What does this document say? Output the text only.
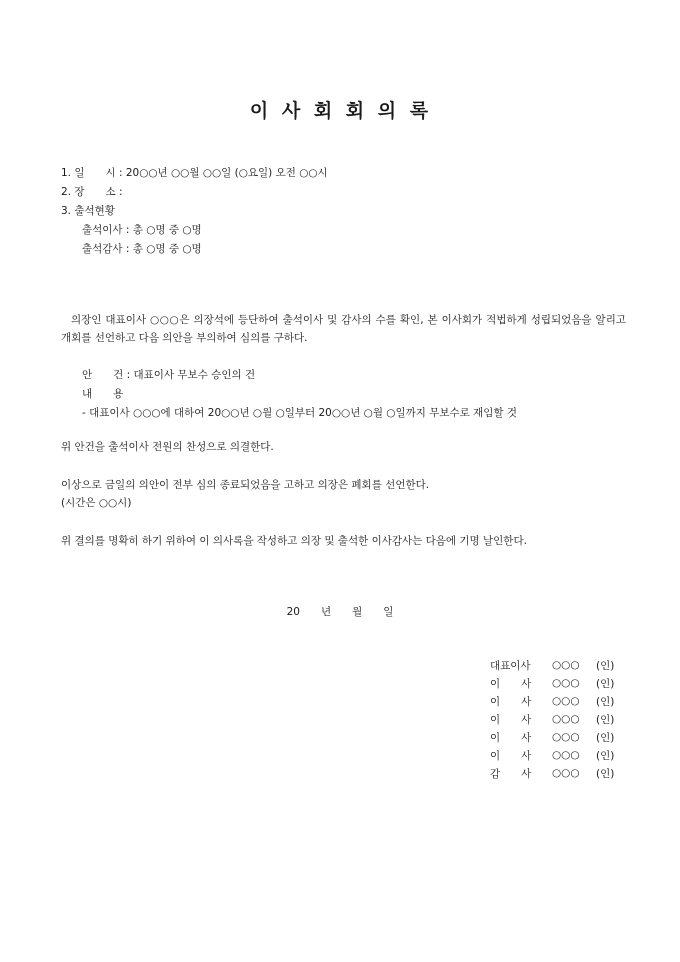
이 사 회 회 의 록
1. 일　　시 : 20○○년 ○○월 ○○일 (○요일) 오전 ○○시
2. 장　　소 :
3. 출석현황
출석이사 : 총 ○명 중 ○명
출석감사 : 총 ○명 중 ○명
의장인 대표이사 ○○○은 의장석에 등단하여 출석이사 및 감사의 수를 확인, 본 이사회가 적법하게 성립되었음을 알리고 개회를 선언하고 다음 의안을 부의하여 심의를 구하다.
안　　건 : 대표이사 무보수 승인의 건
내　　용
- 대표이사 ○○○에 대하여 20○○년 ○월 ○일부터 20○○년 ○월 ○일까지 무보수로 재임할 것
위 안건을 출석이사 전원의 찬성으로 의결한다.
이상으로 금일의 의안이 전부 심의 종료되었음을 고하고 의장은 폐회를 선언한다.
(시간은 ○○시)
위 결의를 명확히 하기 위하여 이 의사록을 작성하고 의장 및 출석한 이사감사는 다음에 기명 날인한다.
20　　년　　월　　일
대표이사	○○○	(인)
이　　사	○○○	(인)
이　　사	○○○	(인)
이　　사	○○○	(인)
이　　사	○○○	(인)
이　　사	○○○	(인)
감　　사	○○○	(인)
